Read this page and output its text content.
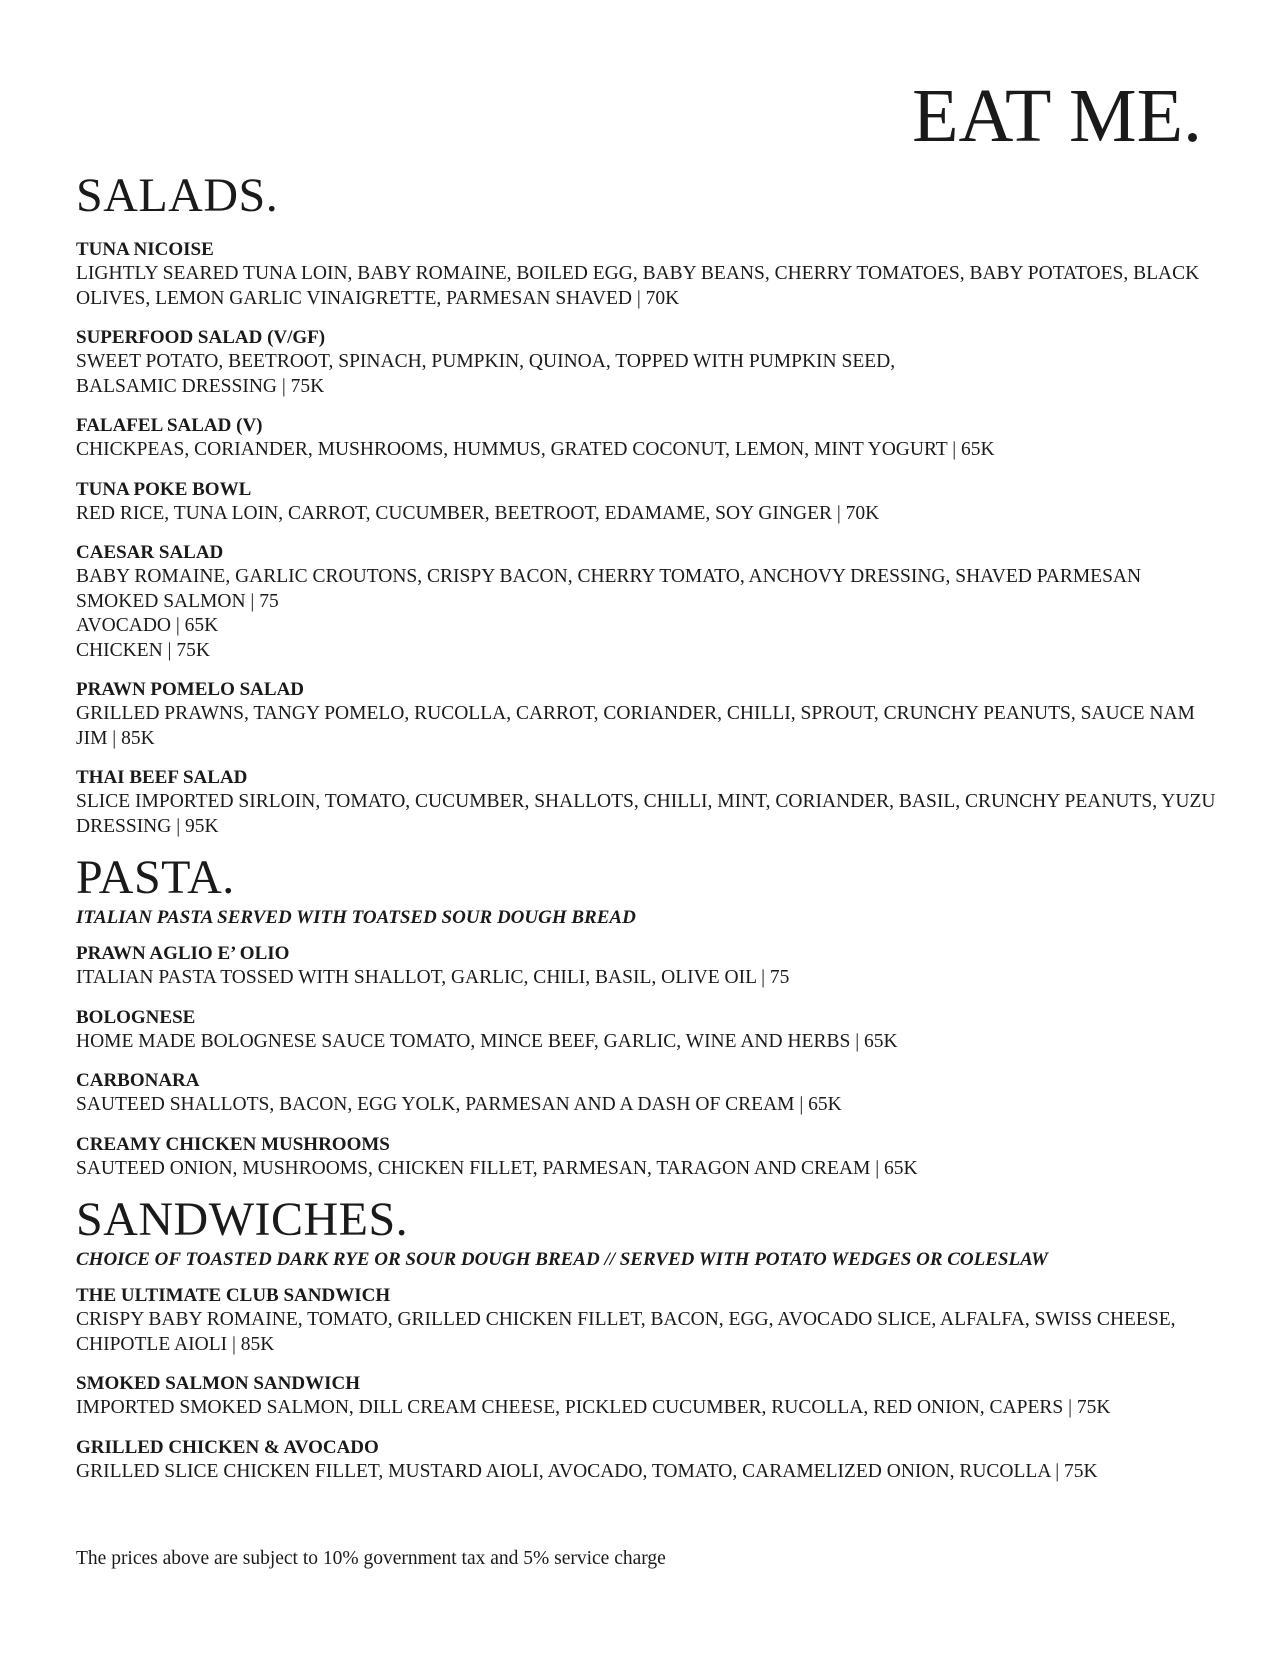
EAT ME.
SALADS.

TUNA NICOISE

LIGHTLY SEARED TUNA LOIN, BABY ROMAINE, BOILED EGG, BABY BEANS, CHERRY TOMATOES, BABY POTATOES, BLACK OLIVES, LEMON GARLIC VINAIGRETTE, PARMESAN SHAVED | 70K

SUPERFOOD SALAD (V/GF)

SWEET POTATO, BEETROOT, SPINACH, PUMPKIN, QUINOA, TOPPED WITH PUMPKIN SEED, BALSAMIC DRESSING | 75K

FALAFEL SALAD (V)

CHICKPEAS, CORIANDER, MUSHROOMS, HUMMUS, GRATED COCONUT, LEMON, MINT YOGURT | 65K

TUNA POKE BOWL

RED RICE, TUNA LOIN, CARROT, CUCUMBER, BEETROOT, EDAMAME, SOY GINGER | 70K

CAESAR SALAD

BABY ROMAINE, GARLIC CROUTONS, CRISPY BACON, CHERRY TOMATO, ANCHOVY DRESSING, SHAVED PARMESAN

SMOKED SALMON | 75
AVOCADO | 65K
CHICKEN | 75K

PRAWN POMELO SALAD

GRILLED PRAWNS, TANGY POMELO, RUCOLLA, CARROT, CORIANDER, CHILLI, SPROUT, CRUNCHY PEANUTS, SAUCE NAM JIM | 85K

THAI BEEF SALAD

SLICE IMPORTED SIRLOIN, TOMATO, CUCUMBER, SHALLOTS, CHILLI, MINT, CORIANDER, BASIL, CRUNCHY PEANUTS, YUZU DRESSING | 95K

PASTA.

ITALIAN PASTA SERVED WITH TOATSED SOUR DOUGH BREAD

PRAWN AGLIO E’ OLIO

ITALIAN PASTA TOSSED WITH SHALLOT, GARLIC, CHILI, BASIL, OLIVE OIL | 75

BOLOGNESE

HOME MADE BOLOGNESE SAUCE TOMATO, MINCE BEEF, GARLIC, WINE AND HERBS | 65K

CARBONARA

SAUTEED SHALLOTS, BACON, EGG YOLK, PARMESAN AND A DASH OF CREAM | 65K

CREAMY CHICKEN MUSHROOMS

SAUTEED ONION, MUSHROOMS, CHICKEN FILLET, PARMESAN, TARAGON AND CREAM | 65K

SANDWICHES.

CHOICE OF TOASTED DARK RYE OR SOUR DOUGH BREAD // SERVED WITH POTATO WEDGES OR COLESLAW

THE ULTIMATE CLUB SANDWICH

CRISPY BABY ROMAINE, TOMATO, GRILLED CHICKEN FILLET, BACON, EGG, AVOCADO SLICE, ALFALFA, SWISS CHEESE, CHIPOTLE AIOLI | 85K

SMOKED SALMON SANDWICH

IMPORTED SMOKED SALMON, DILL CREAM CHEESE, PICKLED CUCUMBER, RUCOLLA, RED ONION, CAPERS | 75K

GRILLED CHICKEN & AVOCADO

GRILLED SLICE CHICKEN FILLET, MUSTARD AIOLI, AVOCADO, TOMATO, CARAMELIZED ONION, RUCOLLA | 75K

The prices above are subject to 10% government tax and 5% service charge
